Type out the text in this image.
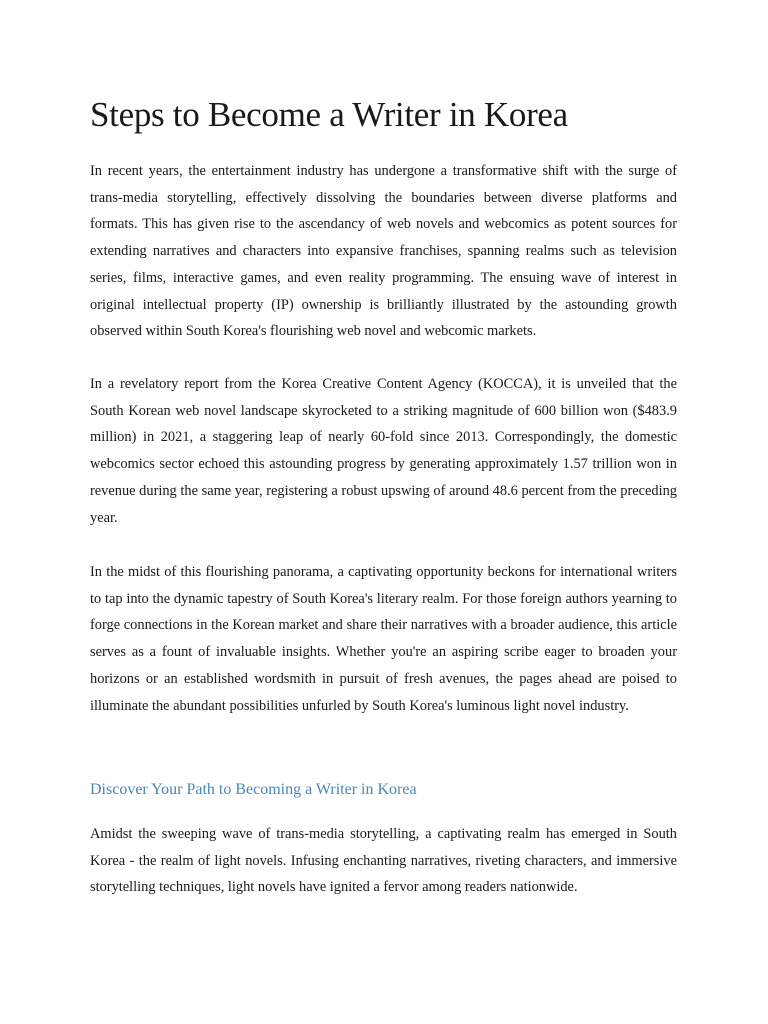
Steps to Become a Writer in Korea

In recent years, the entertainment industry has undergone a transformative shift with the surge of trans-media storytelling, effectively dissolving the boundaries between diverse platforms and formats. This has given rise to the ascendancy of web novels and webcomics as potent sources for extending narratives and characters into expansive franchises, spanning realms such as television series, films, interactive games, and even reality programming. The ensuing wave of interest in original intellectual property (IP) ownership is brilliantly illustrated by the astounding growth observed within South Korea's flourishing web novel and webcomic markets.

In a revelatory report from the Korea Creative Content Agency (KOCCA), it is unveiled that the South Korean web novel landscape skyrocketed to a striking magnitude of 600 billion won ($483.9 million) in 2021, a staggering leap of nearly 60-fold since 2013. Correspondingly, the domestic webcomics sector echoed this astounding progress by generating approximately 1.57 trillion won in revenue during the same year, registering a robust upswing of around 48.6 percent from the preceding year.

In the midst of this flourishing panorama, a captivating opportunity beckons for international writers to tap into the dynamic tapestry of South Korea's literary realm. For those foreign authors yearning to forge connections in the Korean market and share their narratives with a broader audience, this article serves as a fount of invaluable insights. Whether you're an aspiring scribe eager to broaden your horizons or an established wordsmith in pursuit of fresh avenues, the pages ahead are poised to illuminate the abundant possibilities unfurled by South Korea's luminous light novel industry.

Discover Your Path to Becoming a Writer in Korea

Amidst the sweeping wave of trans-media storytelling, a captivating realm has emerged in South Korea - the realm of light novels. Infusing enchanting narratives, riveting characters, and immersive storytelling techniques, light novels have ignited a fervor among readers nationwide.
